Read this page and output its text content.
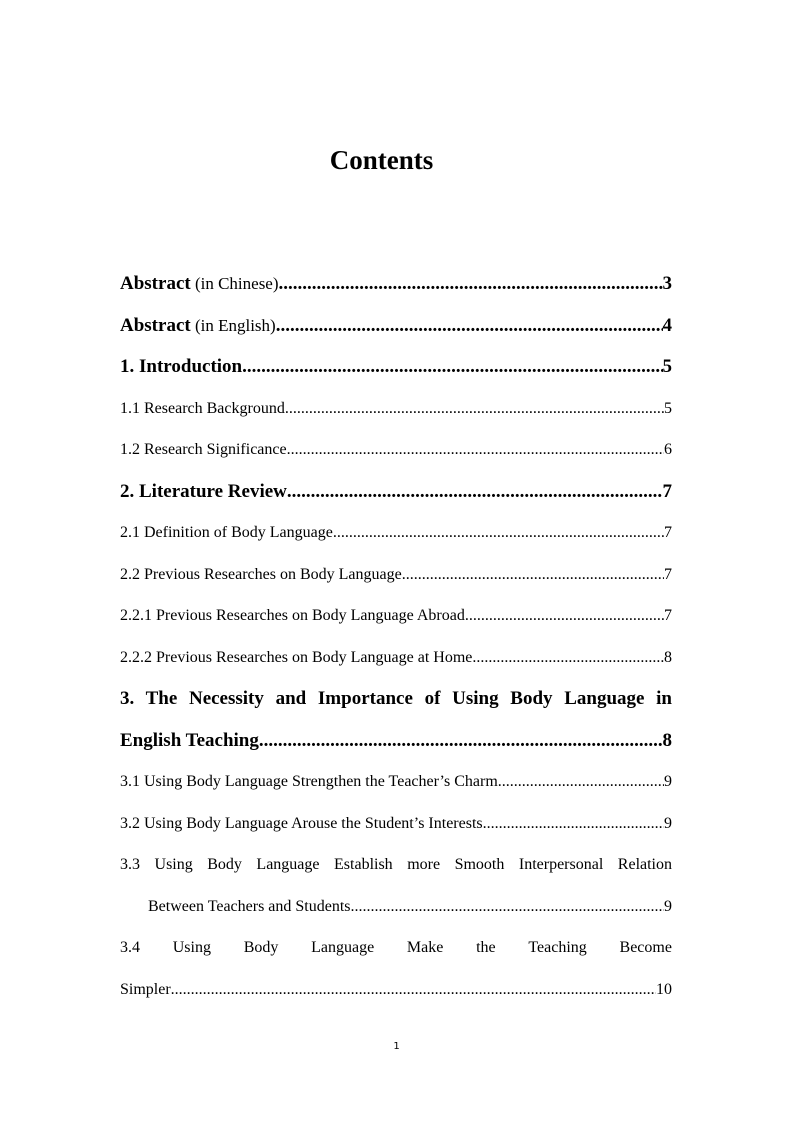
Contents
Abstract (in Chinese) .....	3
Abstract (in English) .....	4
1. Introduction .....	5
1.1 Research Background .....	5
1.2 Research Significance .....	6
2. Literature Review .....	7
2.1 Definition of Body Language .....	7
2.2 Previous Researches on Body Language .....	7
2.2.1 Previous Researches on Body Language Abroad .....	7
2.2.2 Previous Researches on Body Language at Home .....	8
3. The Necessity and Importance of Using Body Language in
English Teaching .....	8
3.1 Using Body Language Strengthen the Teacher’s Charm .....	9
3.2 Using Body Language Arouse the Student’s Interests .....	9
3.3 Using Body Language Establish more Smooth Interpersonal Relation
Between Teachers and Students .....	9
3.4 Using Body Language Make the Teaching Become
Simpler .....	10
1
